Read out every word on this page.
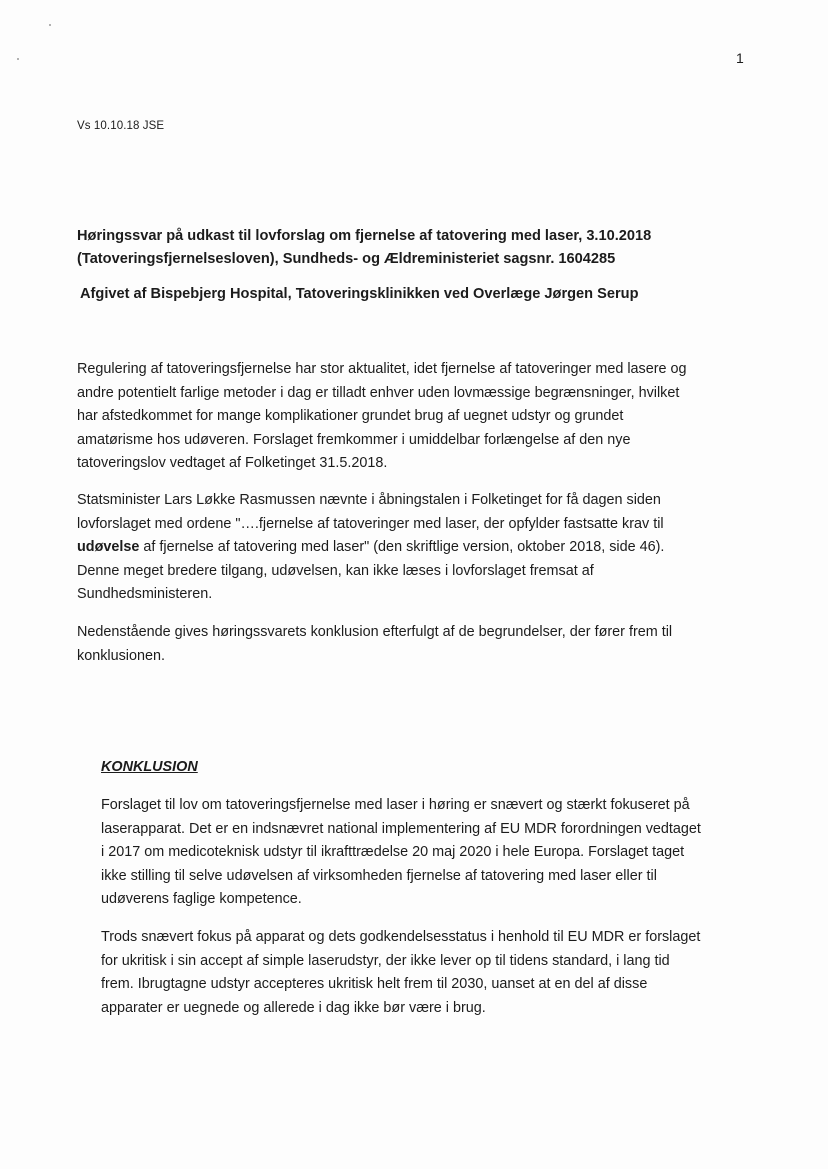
1
Vs 10.10.18 JSE
Høringssvar på udkast til lovforslag om fjernelse af tatovering med laser, 3.10.2018
(Tatoveringsfjernelsesloven), Sundheds- og Ældreministeriet sagsnr. 1604285
Afgivet af Bispebjerg Hospital, Tatoveringsklinikken ved Overlæge Jørgen Serup
Regulering af tatoveringsfjernelse har stor aktualitet, idet fjernelse af tatoveringer med lasere og
andre potentielt farlige metoder i dag er tilladt enhver uden lovmæssige begrænsninger, hvilket
har afstedkommet for mange komplikationer grundet brug af uegnet udstyr og grundet
amatørisme hos udøveren. Forslaget fremkommer i umiddelbar forlængelse af den nye
tatoveringslov vedtaget af Folketinget 31.5.2018.
Statsminister Lars Løkke Rasmussen nævnte i åbningstalen i Folketinget for få dagen siden
lovforslaget med ordene "….fjernelse af tatoveringer med laser, der opfylder fastsatte krav til
udøvelse af fjernelse af tatovering med laser" (den skriftlige version, oktober 2018, side 46).
Denne meget bredere tilgang, udøvelsen, kan ikke læses i lovforslaget fremsat af
Sundhedsministeren.
Nedenstående gives høringssvarets konklusion efterfulgt af de begrundelser, der fører frem til
konklusionen.
KONKLUSION
Forslaget til lov om tatoveringsfjernelse med laser i høring er snævert og stærkt fokuseret på
laserapparat. Det er en indsnævret national implementering af EU MDR forordningen vedtaget
i 2017 om medicoteknisk udstyr til ikrafttrædelse 20 maj 2020 i hele Europa. Forslaget taget
ikke stilling til selve udøvelsen af virksomheden fjernelse af tatovering med laser eller til
udøverens faglige kompetence.
Trods snævert fokus på apparat og dets godkendelsesstatus i henhold til EU MDR er forslaget
for ukritisk i sin accept af simple laserudstyr, der ikke lever op til tidens standard, i lang tid
frem. Ibrugtagne udstyr accepteres ukritisk helt frem til 2030, uanset at en del af disse
apparater er uegnede og allerede i dag ikke bør være i brug.
